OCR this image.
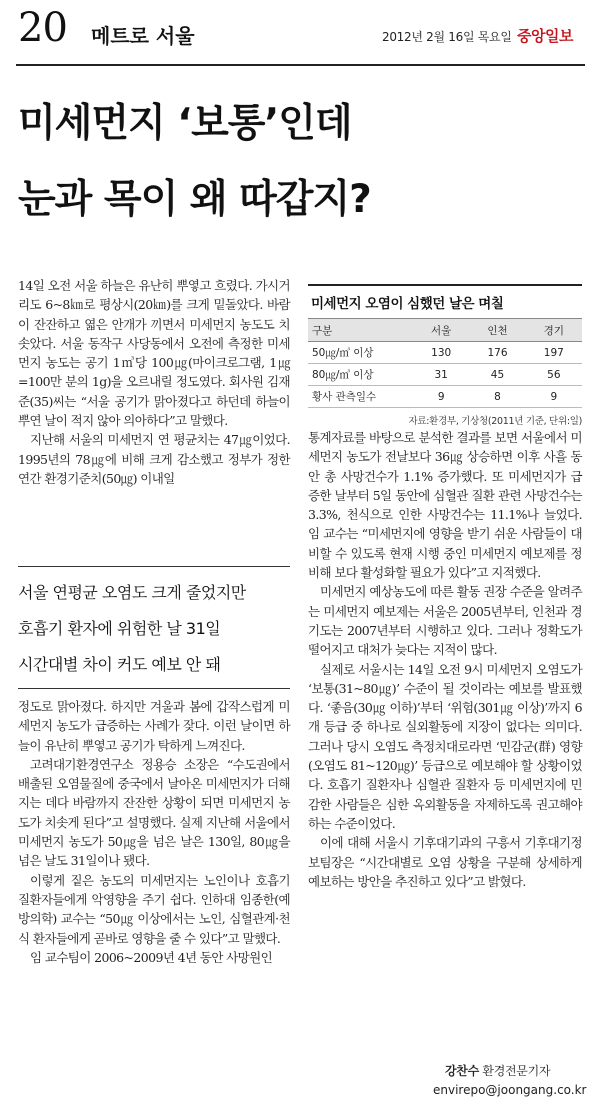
20 메트로 서울	2012년 2월 16일 목요일 중앙일보
미세먼지 ‘보통’인데
눈과 목이 왜 따갑지?

14일 오전 서울 하늘은 유난히 뿌옇고 흐렸다. 가시거리도 6~8㎞로 평상시(20㎞)를 크게 밑돌았다. 바람이 잔잔하고 엷은 안개가 끼면서 미세먼지 농도도 치솟았다. 서울 동작구 사당동에서 오전에 측정한 미세먼지 농도는 공기 1㎥당 100㎍(마이크로그램, 1㎍=100만 분의 1g)을 오르내릴 정도였다. 회사원 김재준(35)씨는 “서울 공기가 맑아졌다고 하던데 하늘이 뿌연 날이 적지 않아 의아하다”고 말했다.

지난해 서울의 미세먼지 연 평균치는 47㎍이었다. 1995년의 78㎍에 비해 크게 감소했고 정부가 정한 연간 환경기준치(50㎍) 이내일

서울 연평균 오염도 크게 줄었지만
호흡기 환자에 위험한 날 31일
시간대별 차이 커도 예보 안 돼

정도로 맑아졌다. 하지만 겨울과 봄에 갑작스럽게 미세먼지 농도가 급증하는 사례가 잦다. 이런 날이면 하늘이 유난히 뿌옇고 공기가 탁하게 느껴진다.

고려대기환경연구소 정용승 소장은 “수도권에서 배출된 오염물질에 중국에서 날아온 미세먼지가 더해지는 데다 바람까지 잔잔한 상황이 되면 미세먼지 농도가 치솟게 된다”고 설명했다. 실제 지난해 서울에서 미세먼지 농도가 50㎍을 넘은 날은 130일, 80㎍을 넘은 날도 31일이나 됐다.

이렇게 짙은 농도의 미세먼지는 노인이나 호흡기 질환자들에게 악영향을 주기 쉽다. 인하대 임종한(예방의학) 교수는 “50㎍ 이상에서는 노인, 심혈관계·천식 환자들에게 곧바로 영향을 줄 수 있다”고 말했다.

임 교수팀이 2006~2009년 4년 동안 사망원인

미세먼지 오염이 심했던 날은 며칠
구분	서울	인천	경기
50㎍/㎥ 이상	130	176	197
80㎍/㎥ 이상	31	45	56
황사 관측일수	9	8	9
자료:환경부, 기상청(2011년 기준, 단위:일)

통계자료를 바탕으로 분석한 결과를 보면 서울에서 미세먼지 농도가 전날보다 36㎍ 상승하면 이후 사흘 동안 총 사망건수가 1.1% 증가했다. 또 미세먼지가 급증한 날부터 5일 동안에 심혈관 질환 관련 사망건수는 3.3%, 천식으로 인한 사망건수는 11.1%나 늘었다. 임 교수는 “미세먼지에 영향을 받기 쉬운 사람들이 대비할 수 있도록 현재 시행 중인 미세먼지 예보제를 정비해 보다 활성화할 필요가 있다”고 지적했다.

미세먼지 예상농도에 따른 활동 권장 수준을 알려주는 미세먼지 예보제는 서울은 2005년부터, 인천과 경기도는 2007년부터 시행하고 있다. 그러나 정확도가 떨어지고 대처가 늦다는 지적이 많다.

실제로 서울시는 14일 오전 9시 미세먼지 오염도가 ‘보통(31~80㎍)’ 수준이 될 것이라는 예보를 발표했다. ‘좋음(30㎍ 이하)’부터 ‘위험(301㎍ 이상)’까지 6개 등급 중 하나로 실외활동에 지장이 없다는 의미다. 그러나 당시 오염도 측정치대로라면 ‘민감군(群) 영향(오염도 81~120㎍)’ 등급으로 예보해야 할 상황이었다. 호흡기 질환자나 심혈관 질환자 등 미세먼지에 민감한 사람들은 심한 옥외활동을 자제하도록 권고해야 하는 수준이었다.

이에 대해 서울시 기후대기과의 구흥서 기후대기정보팀장은 “시간대별로 오염 상황을 구분해 상세하게 예보하는 방안을 추진하고 있다”고 밝혔다.

강찬수 환경전문기자
envirepo@joongang.co.kr
